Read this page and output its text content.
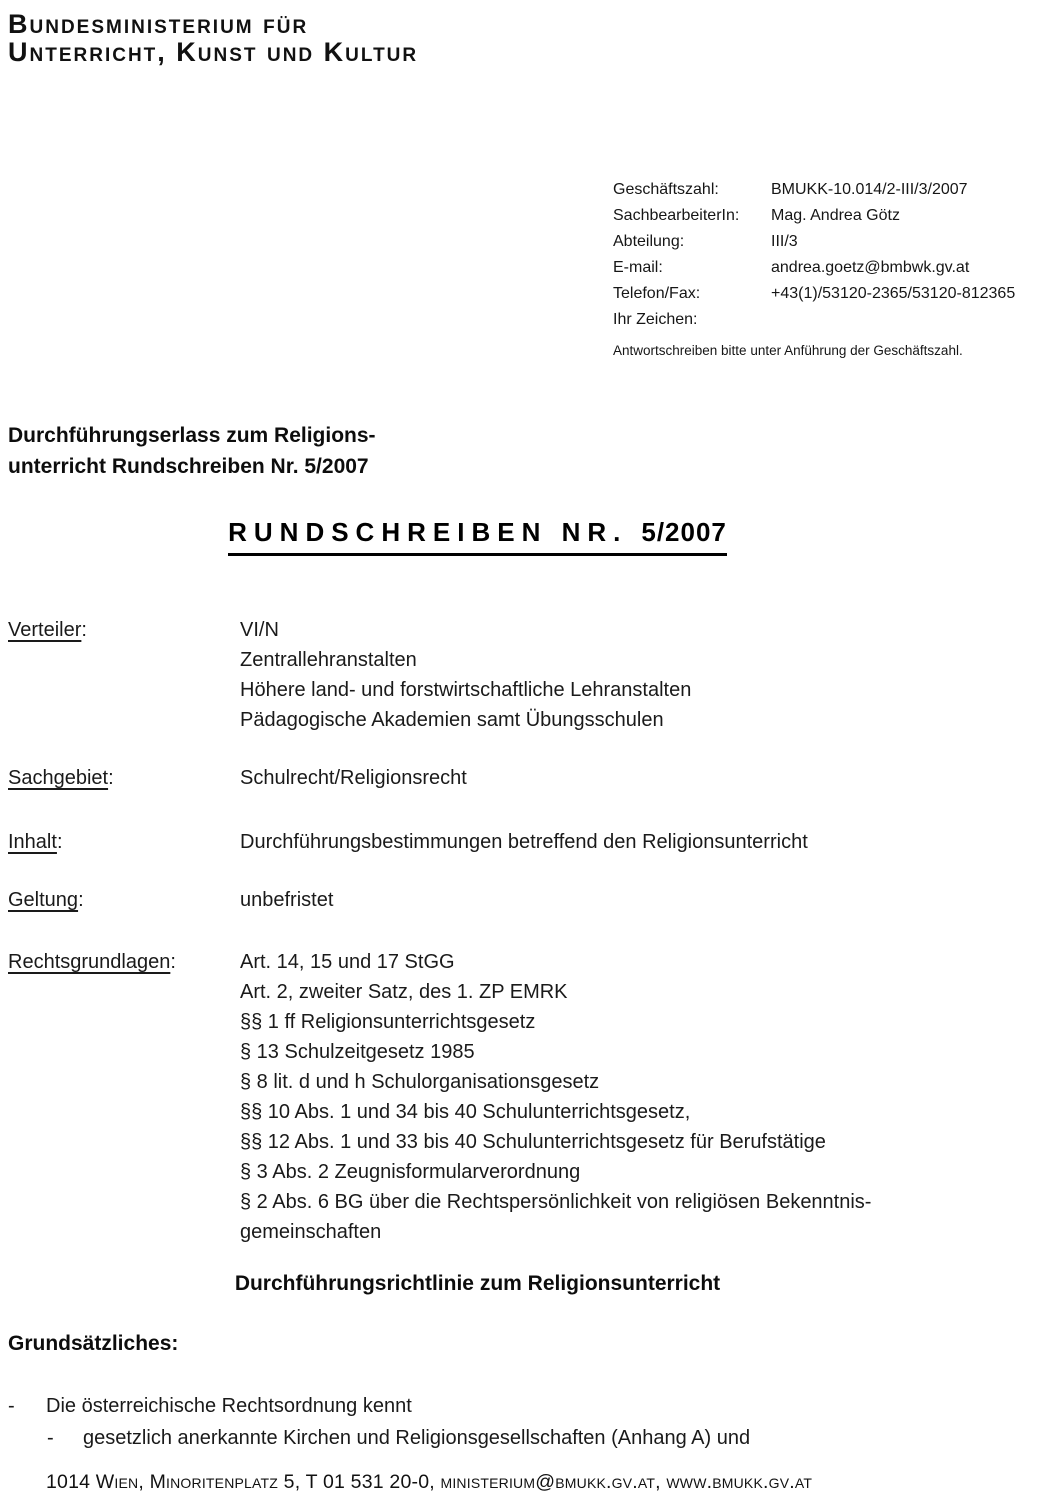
Bundesministerium für
Unterricht, Kunst und Kultur
Geschäftszahl:	BMUKK-10.014/2-III/3/2007
SachbearbeiterIn:	Mag. Andrea Götz
Abteilung:	III/3
E-mail:	andrea.goetz@bmbwk.gv.at
Telefon/Fax:	+43(1)/53120-2365/53120-812365
Ihr Zeichen:
Antwortschreiben bitte unter Anführung der Geschäftszahl.
Durchführungserlass zum Religions-
unterricht Rundschreiben Nr. 5/2007
RUNDSCHREIBEN NR. 5/2007
Verteiler:	VI/N
Zentrallehranstalten
Höhere land- und forstwirtschaftliche Lehranstalten
Pädagogische Akademien samt Übungsschulen
Sachgebiet:	Schulrecht/Religionsrecht
Inhalt:	Durchführungsbestimmungen betreffend den Religionsunterricht
Geltung:	unbefristet
Rechtsgrundlagen:	Art. 14, 15 und 17 StGG
Art. 2, zweiter Satz, des 1. ZP EMRK
§§ 1 ff Religionsunterrichtsgesetz
§ 13 Schulzeitgesetz 1985
§ 8 lit. d und h Schulorganisationsgesetz
§§ 10 Abs. 1 und 34 bis 40 Schulunterrichtsgesetz,
§§ 12 Abs. 1 und 33 bis 40 Schulunterrichtsgesetz für Berufstätige
§ 3 Abs. 2 Zeugnisformularverordnung
§ 2 Abs. 6 BG über die Rechtspersönlichkeit von religiösen Bekenntnis-
gemeinschaften
Durchführungsrichtlinie zum Religionsunterricht
Grundsätzliches:
- Die österreichische Rechtsordnung kennt
- gesetzlich anerkannte Kirchen und Religionsgesellschaften (Anhang A) und
1014 Wien, Minoritenplatz 5, T 01 531 20-0, ministerium@bmukk.gv.at, www.bmukk.gv.at
